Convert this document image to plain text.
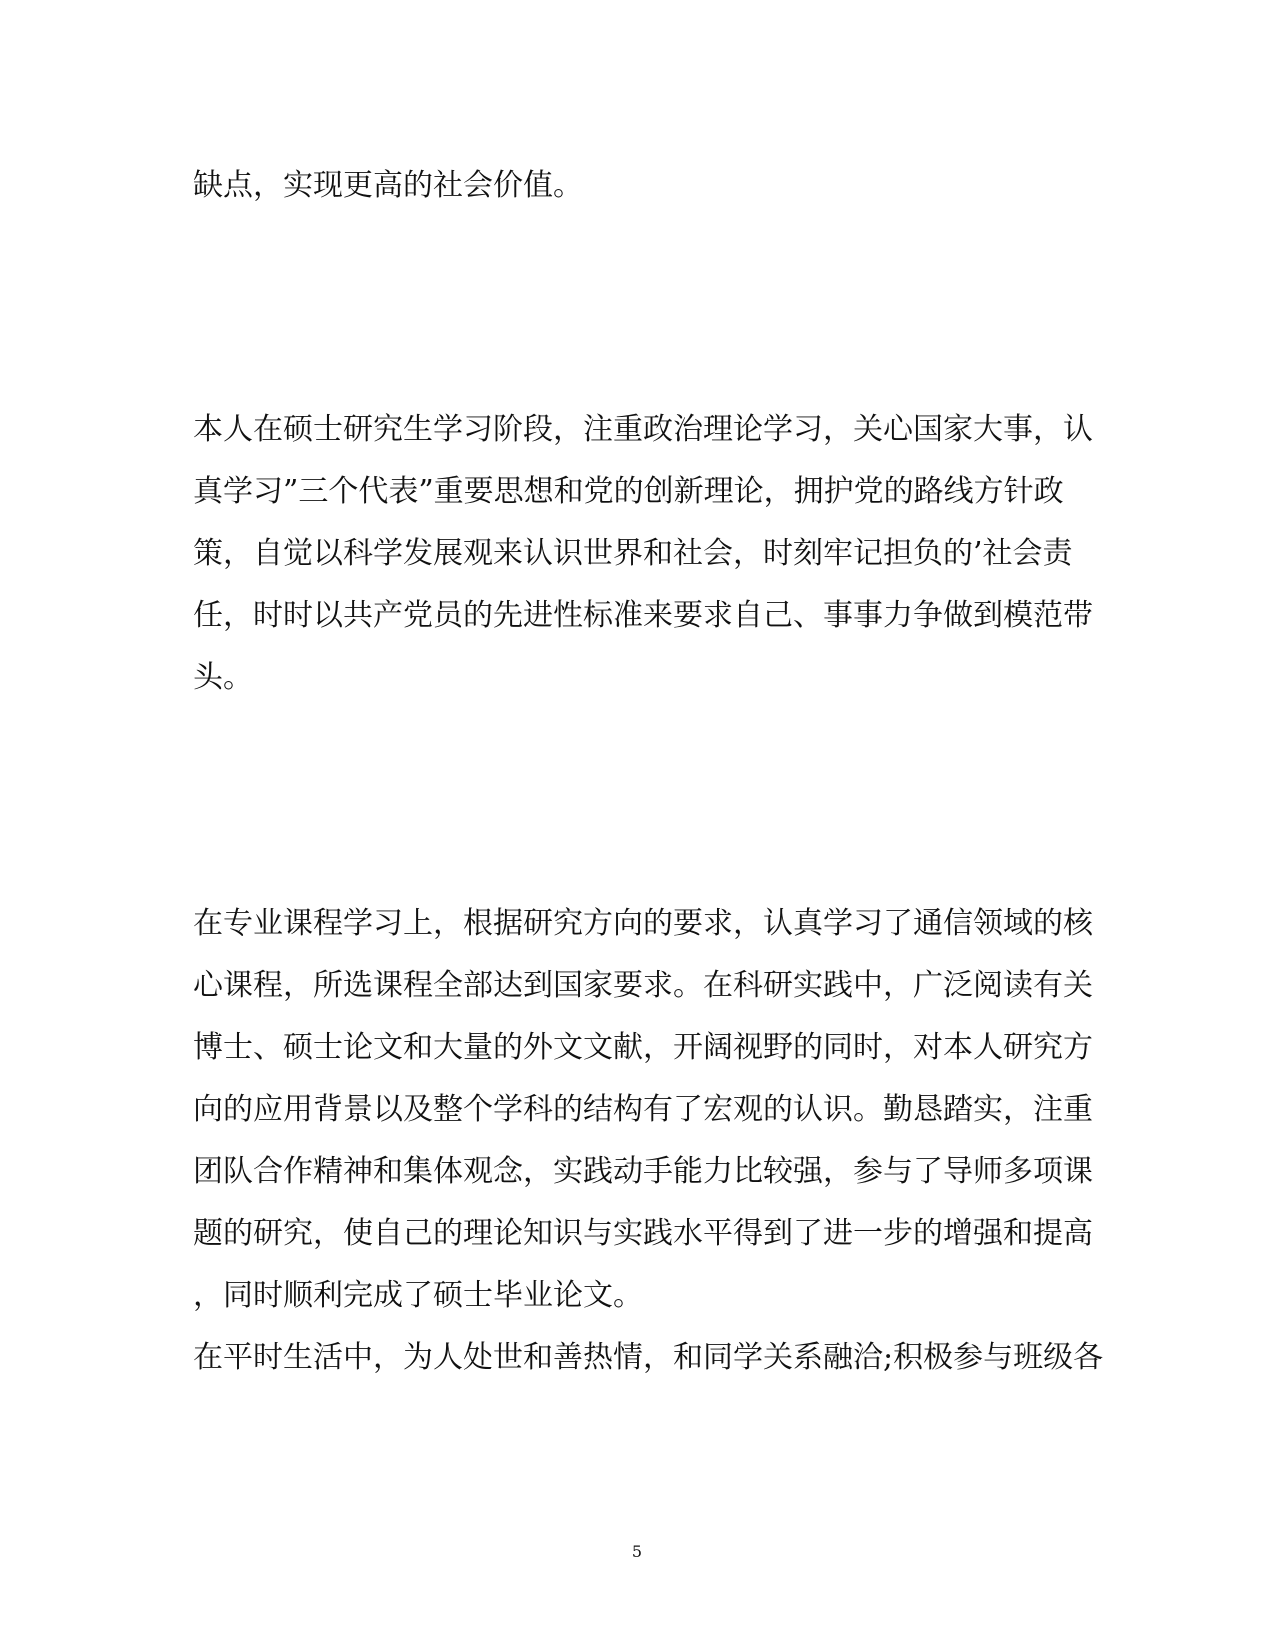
缺点，实现更高的社会价值。
本人在硕士研究生学习阶段，注重政治理论学习，关心国家大事，认
真学习”三个代表”重要思想和党的创新理论，拥护党的路线方针政
策，自觉以科学发展观来认识世界和社会，时刻牢记担负的’社会责
任，时时以共产党员的先进性标准来要求自己、事事力争做到模范带
头。
在专业课程学习上，根据研究方向的要求，认真学习了通信领域的核
心课程，所选课程全部达到国家要求。在科研实践中，广泛阅读有关
博士、硕士论文和大量的外文文献，开阔视野的同时，对本人研究方
向的应用背景以及整个学科的结构有了宏观的认识。勤恳踏实，注重
团队合作精神和集体观念，实践动手能力比较强，参与了导师多项课
题的研究，使自己的理论知识与实践水平得到了进一步的增强和提高
，同时顺利完成了硕士毕业论文。
在平时生活中，为人处世和善热情，和同学关系融洽;积极参与班级各
5
